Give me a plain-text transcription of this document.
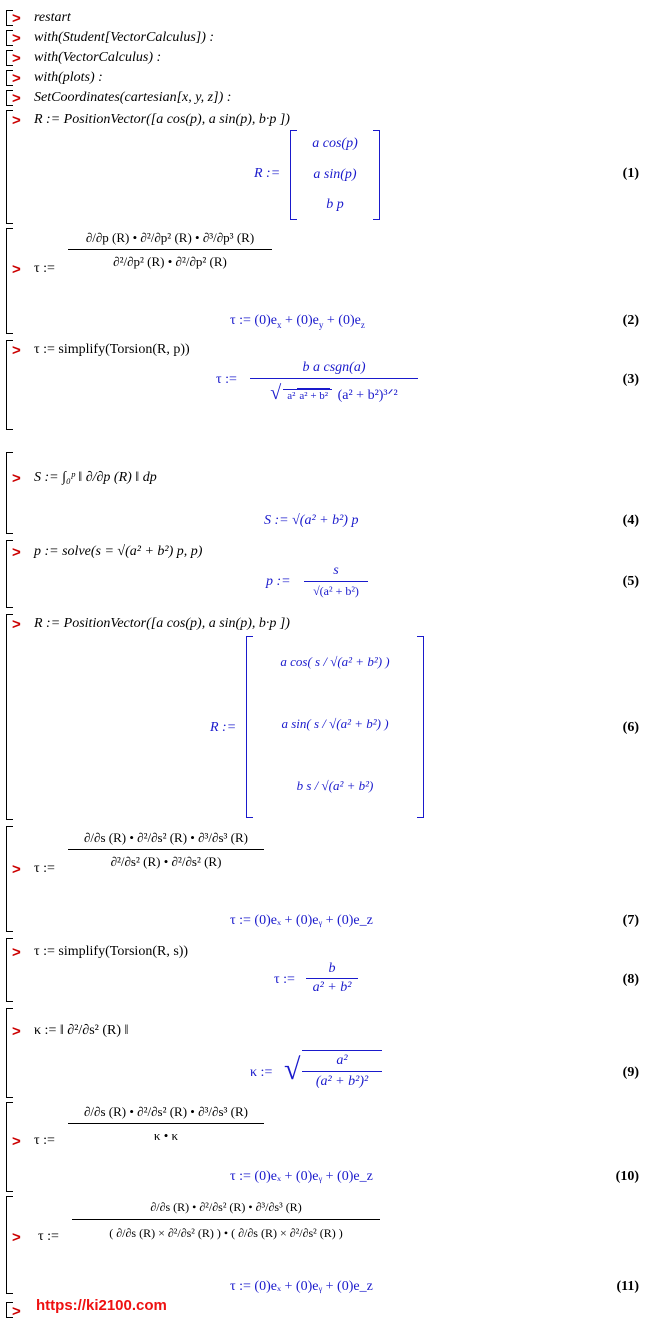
> restart
> with(Student[VectorCalculus]) :
> with(VectorCalculus) :
> with(plots) :
> SetCoordinates(cartesian[x, y, z]) :
> R := PositionVector([a cos(p), a sin(p), b·p ])
R :=
a cos(p)
a sin(p)
b p
(1)
> τ := $\frac{\text{∂/∂p (R) • ∂²/∂p² (R) • ∂³/∂p³ (R)}}{\text{∂²/∂p² (R) • ∂²/∂p² (R)}}$
τ := $(0)e_x + (0)e_y + (0)e_z$	(2)
> τ := simplify(Torsion(R, p))
τ :=
b a csgn(a)
√ a² a² + b² (a² + b²)³ᐟ²
(3)
> S := ∫₀ᵖ ‖ ∂/∂p (R) ‖ dp
S := √(a² + b²) p	(4)
> p := solve(s = √(a² + b²) p, p)
p := $\frac{s}{\text{√(a² + b²)}}$	(5)
> R := PositionVector([a cos(p), a sin(p), b·p ])
R :=
a cos( s / √(a² + b²) )
a sin( s / √(a² + b²) )
b s / √(a² + b²)
(6)
> τ := $\frac{\text{∂/∂s (R) • ∂²/∂s² (R) • ∂³/∂s³ (R)}}{\text{∂²/∂s² (R) • ∂²/∂s² (R)}}$
τ := (0)eₓ + (0)eᵧ + (0)e_z	(7)
> τ := simplify(Torsion(R, s))
τ := $\frac{b}{\text{a² + b²}}$	(8)
> κ := ‖ ∂²/∂s² (R) ‖
κ := √ $\frac{\text{a²}}{\text{(a² + b²)²}}$	(9)
> τ := $\frac{\text{∂/∂s (R) • ∂²/∂s² (R) • ∂³/∂s³ (R)}}{\kappa • \kappa}$
τ := (0)eₓ + (0)eᵧ + (0)e_z	(10)
> τ := $\frac{\text{∂/∂s (R) • ∂²/∂s² (R) • ∂³/∂s³ (R)}}{\text{( ∂/∂s (R) × ∂²/∂s² (R) ) • ( ∂/∂s (R) × ∂²/∂s² (R) )}}$
τ := (0)eₓ + (0)eᵧ + (0)e_z	(11)
> https://ki2100.com
